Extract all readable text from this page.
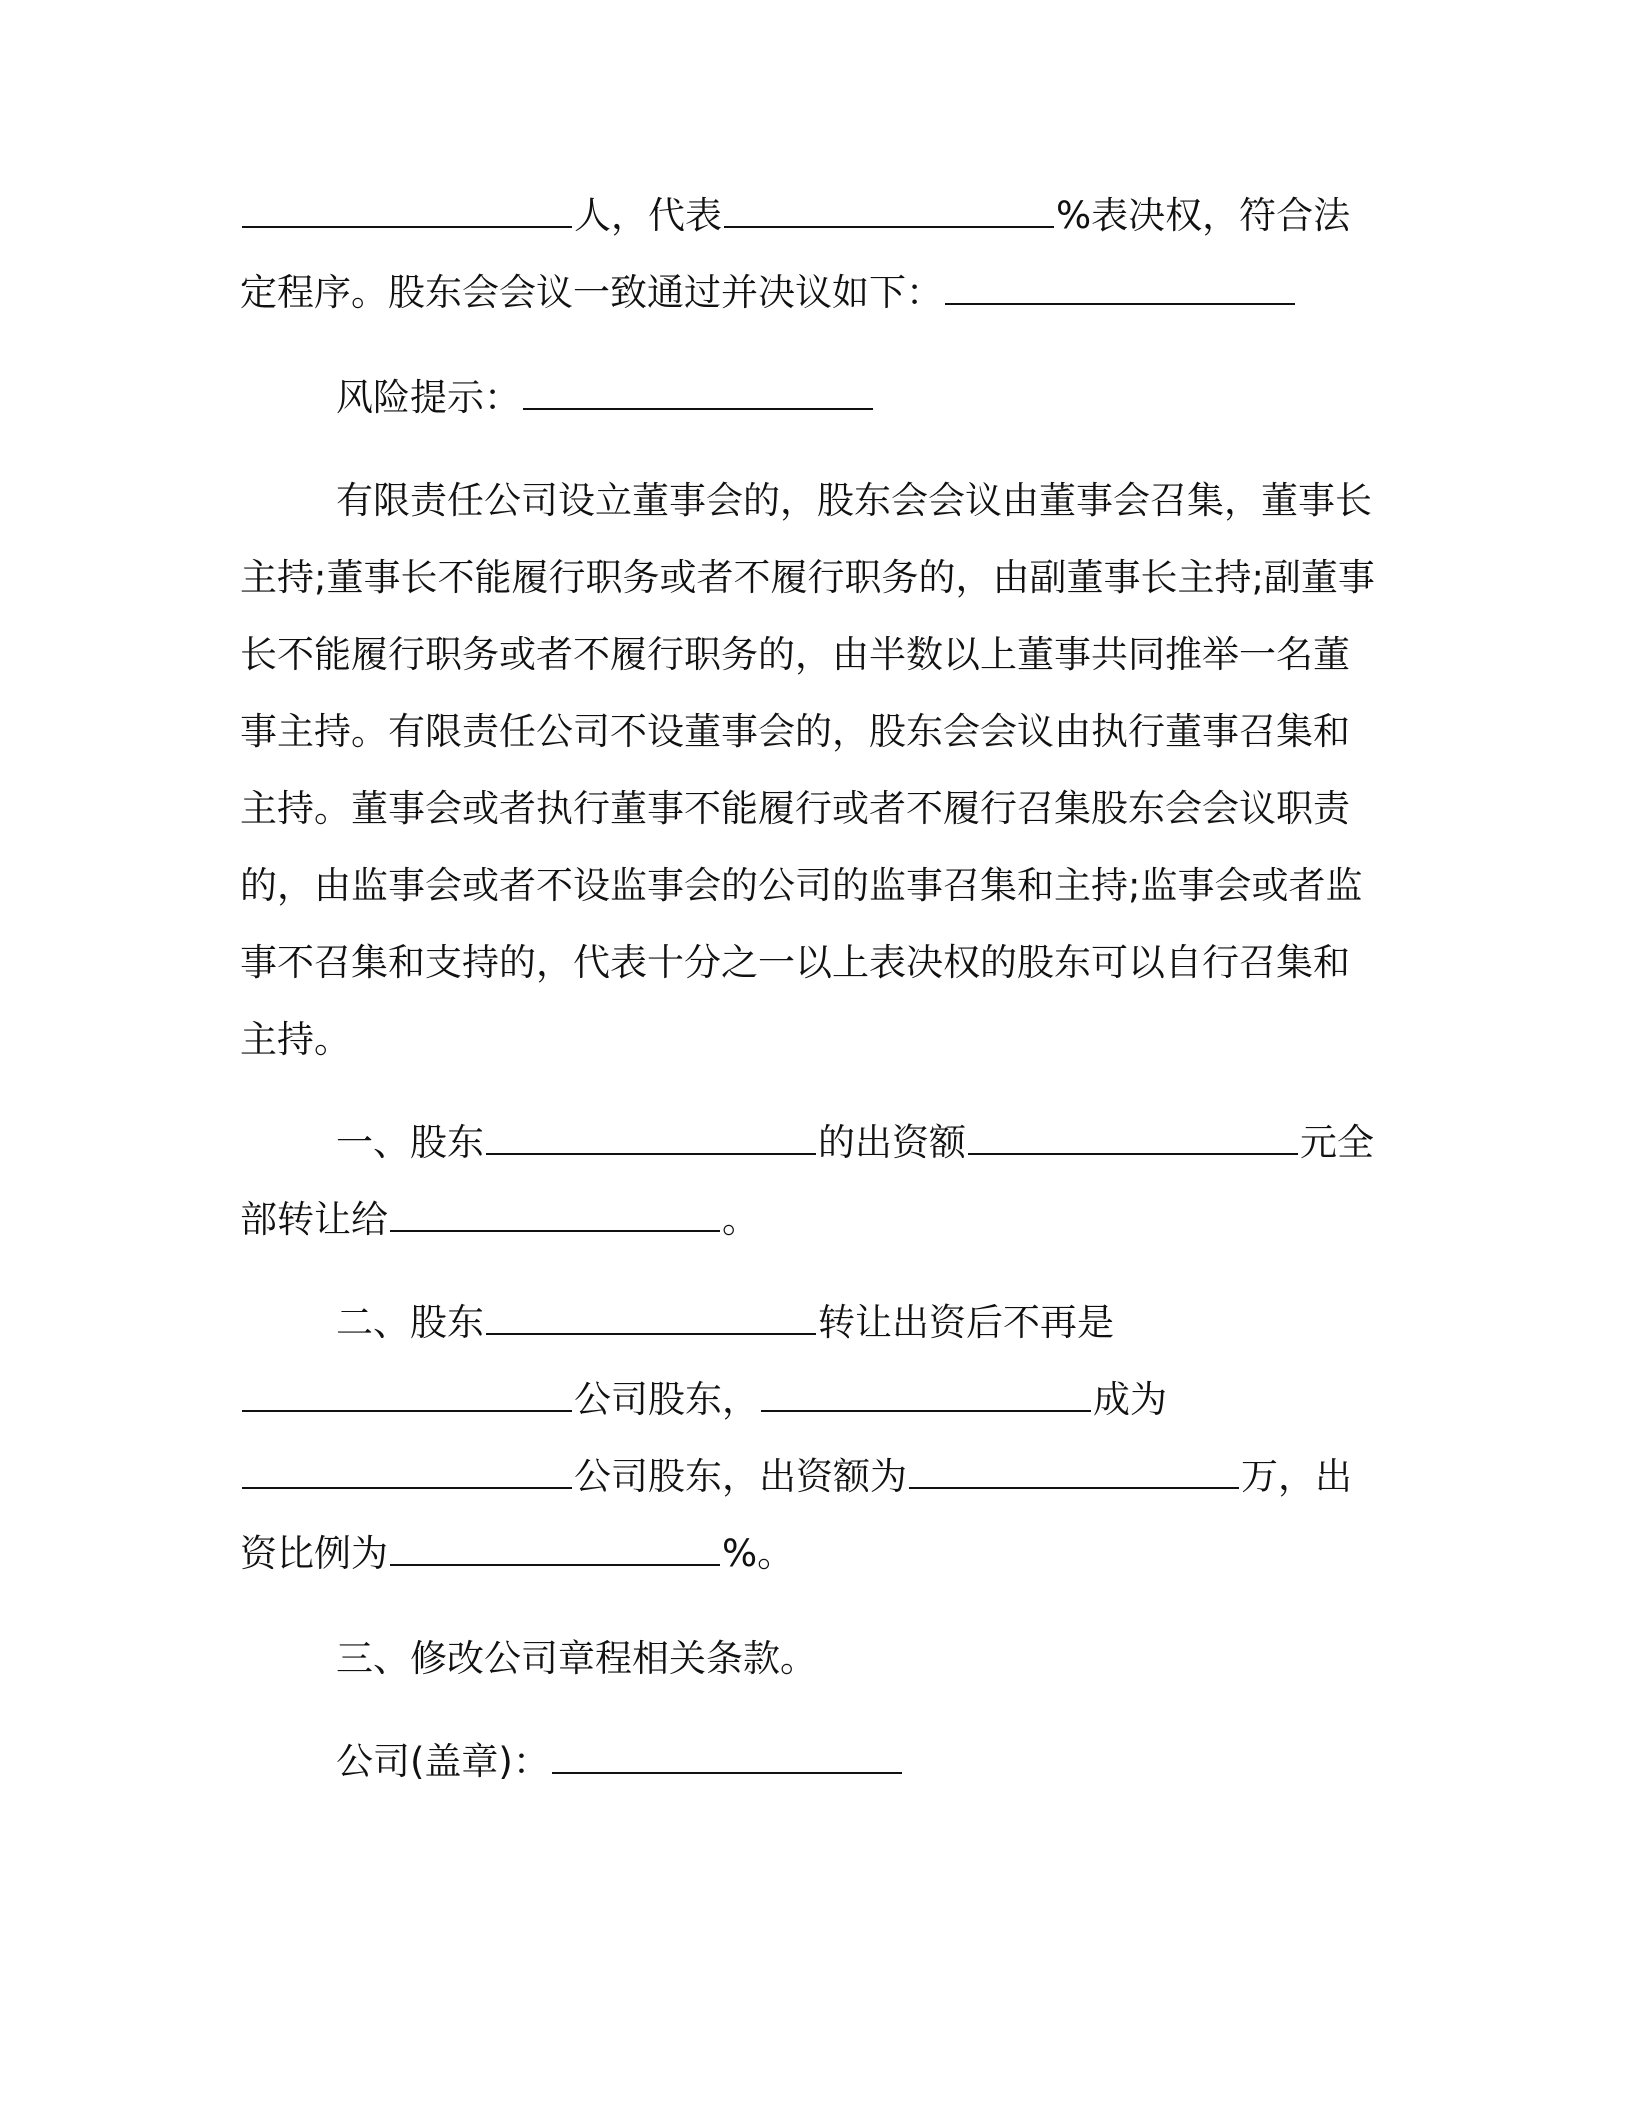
人，代表	%表决权，符合法
定程序。股东会会议一致通过并决议如下：
风险提示：
有限责任公司设立董事会的，股东会会议由董事会召集，董事长
主持;董事长不能履行职务或者不履行职务的，由副董事长主持;副董事
长不能履行职务或者不履行职务的，由半数以上董事共同推举一名董
事主持。有限责任公司不设董事会的，股东会会议由执行董事召集和
主持。董事会或者执行董事不能履行或者不履行召集股东会会议职责
的，由监事会或者不设监事会的公司的监事召集和主持;监事会或者监
事不召集和支持的，代表十分之一以上表决权的股东可以自行召集和
主持。
一、股东	的出资额	元全
部转让给	。
二、股东	转让出资后不再是
公司股东，	成为
公司股东，出资额为	万，出
资比例为	%。
三、修改公司章程相关条款。
公司(盖章)：
